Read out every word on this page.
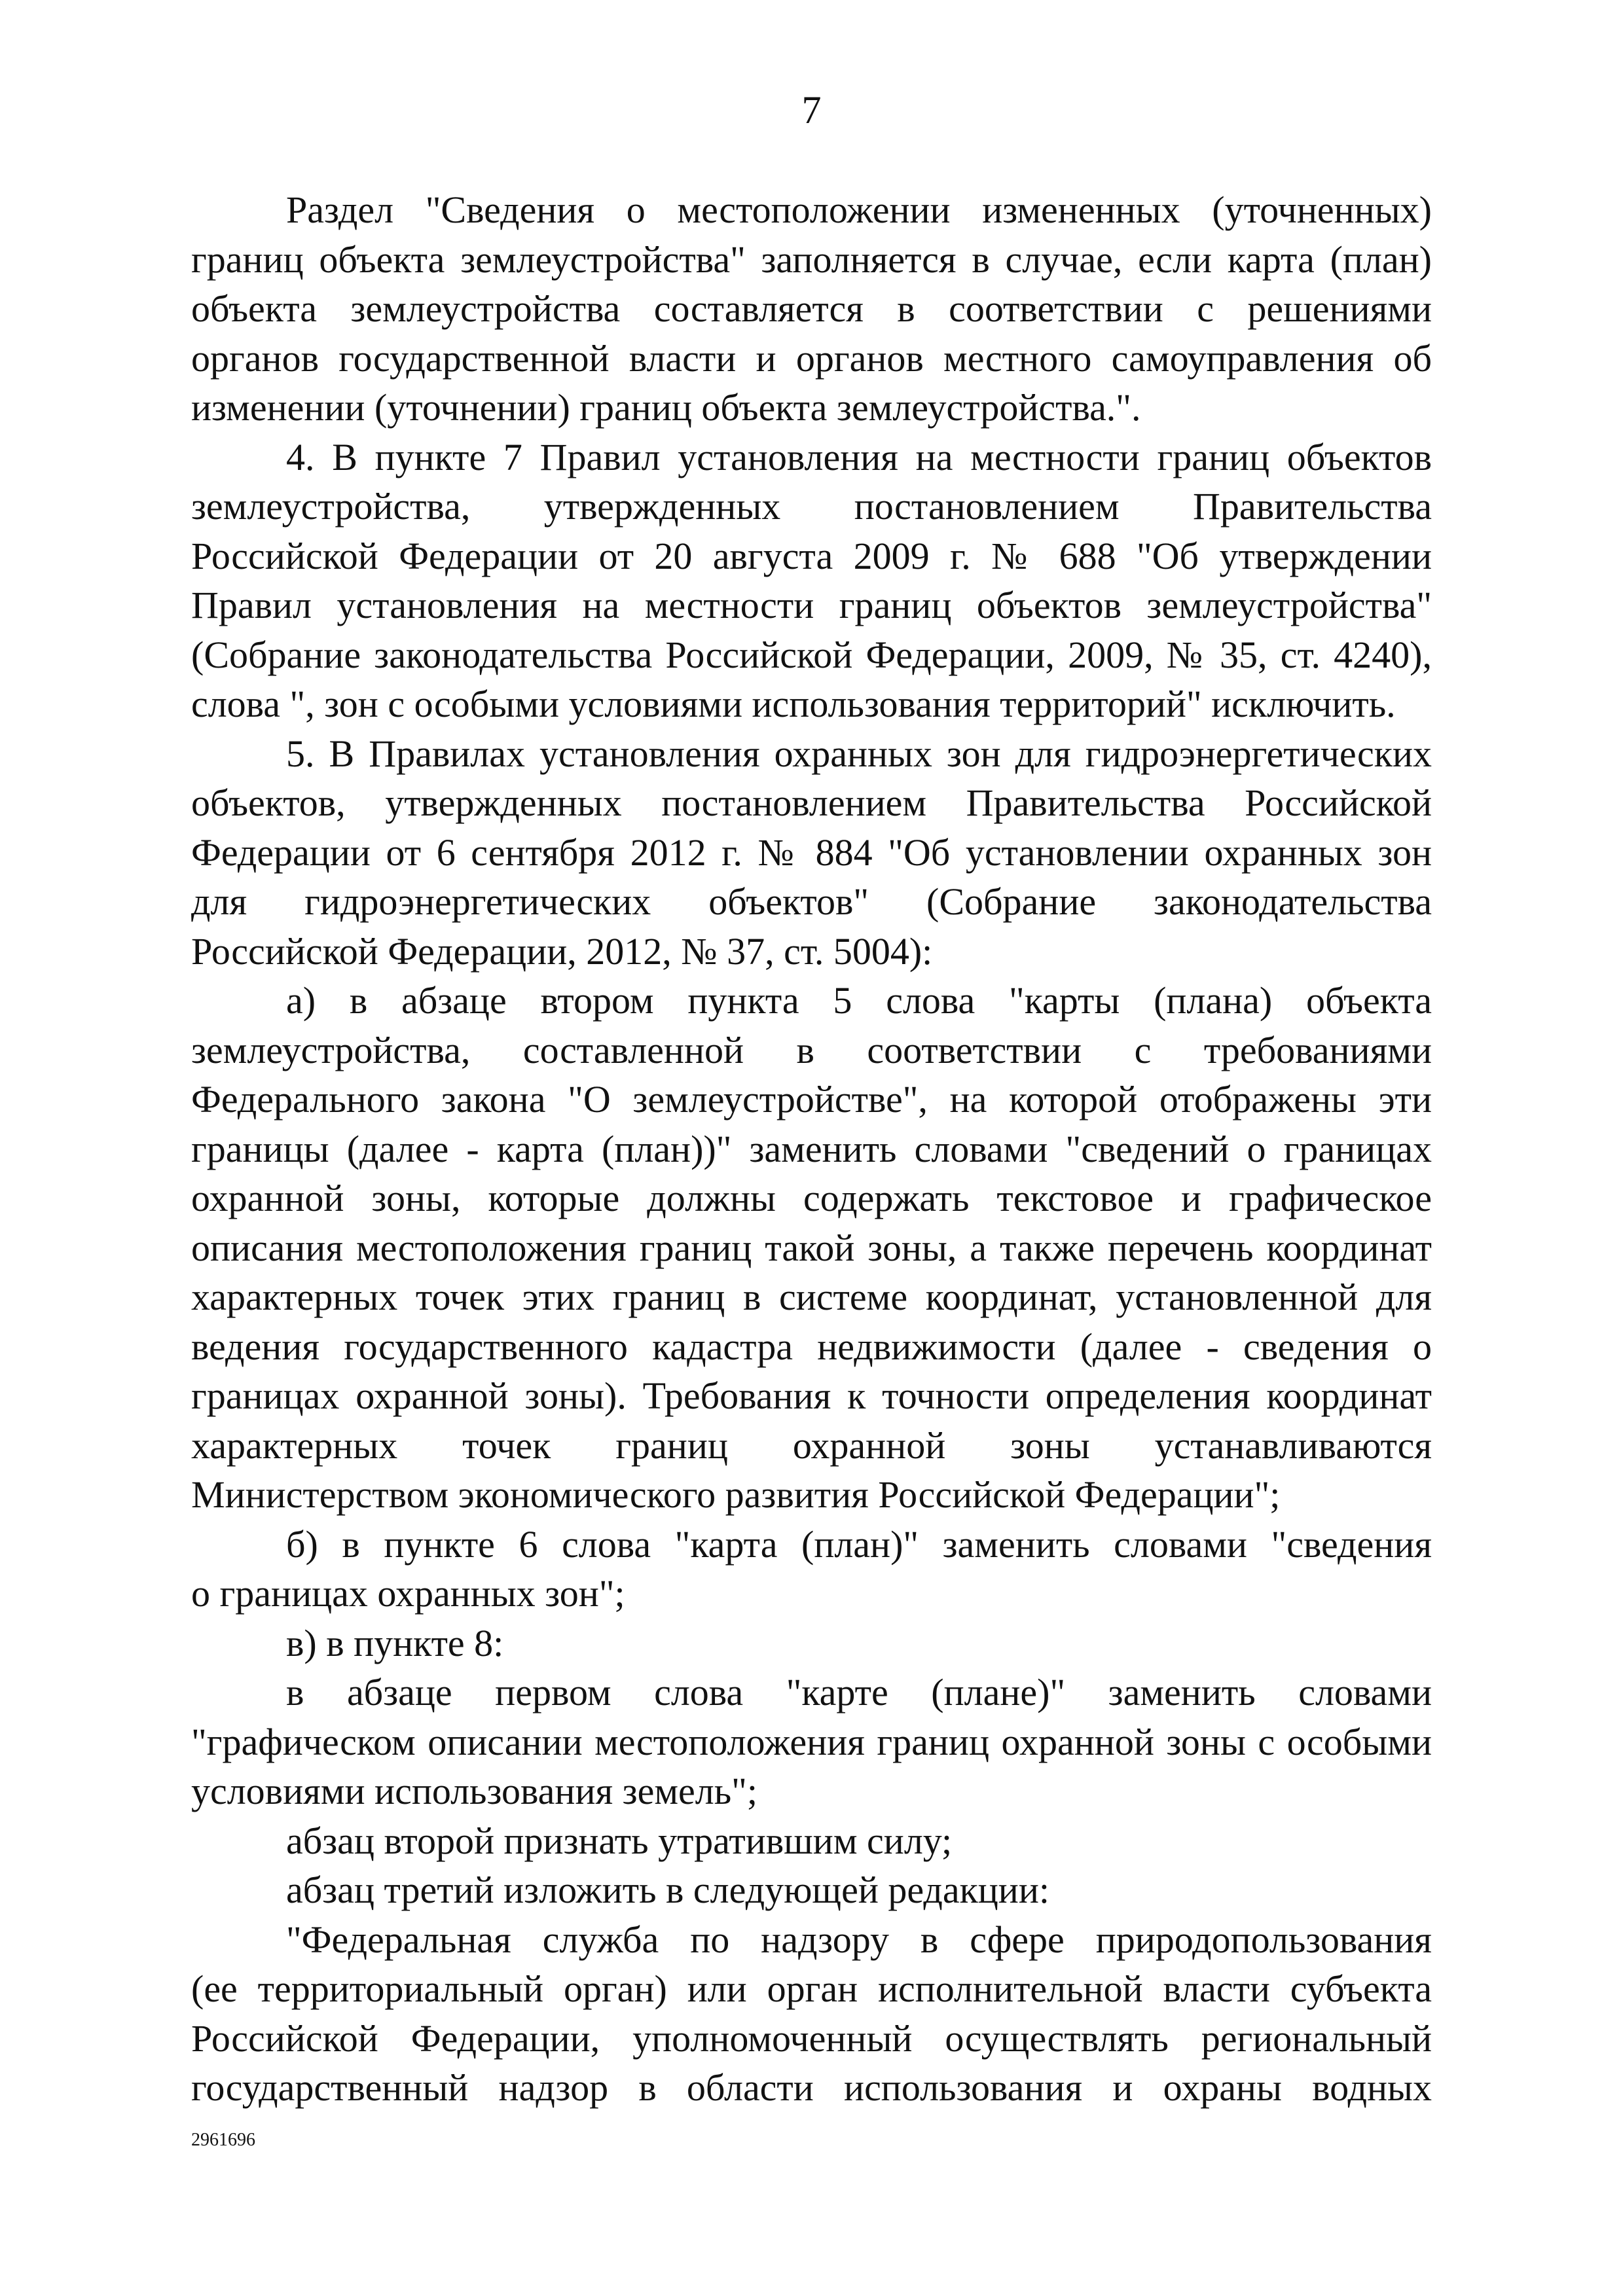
7
Раздел "Сведения о местоположении измененных (уточненных)
границ объекта землеустройства" заполняется в случае, если карта (план)
объекта землеустройства составляется в соответствии с решениями
органов государственной власти и органов местного самоуправления об
изменении (уточнении) границ объекта землеустройства.".
4. В пункте 7 Правил установления на местности границ объектов
землеустройства, утвержденных постановлением Правительства
Российской Федерации от 20 августа 2009 г. № 688 "Об утверждении
Правил установления на местности границ объектов землеустройства"
(Собрание законодательства Российской Федерации, 2009, № 35, ст. 4240),
слова ", зон с особыми условиями использования территорий" исключить.
5. В Правилах установления охранных зон для гидроэнергетических
объектов, утвержденных постановлением Правительства Российской
Федерации от 6 сентября 2012 г. № 884 "Об установлении охранных зон
для гидроэнергетических объектов" (Собрание законодательства
Российской Федерации, 2012, № 37, ст. 5004):
а) в абзаце втором пункта 5 слова "карты (плана) объекта
землеустройства, составленной в соответствии с требованиями
Федерального закона "О землеустройстве", на которой отображены эти
границы (далее - карта (план))" заменить словами "сведений о границах
охранной зоны, которые должны содержать текстовое и графическое
описания местоположения границ такой зоны, а также перечень координат
характерных точек этих границ в системе координат, установленной для
ведения государственного кадастра недвижимости (далее - сведения о
границах охранной зоны). Требования к точности определения координат
характерных точек границ охранной зоны устанавливаются
Министерством экономического развития Российской Федерации";
б) в пункте 6 слова "карта (план)" заменить словами "сведения
о границах охранных зон";
в) в пункте 8:
в абзаце первом слова "карте (плане)" заменить словами
"графическом описании местоположения границ охранной зоны с особыми
условиями использования земель";
абзац второй признать утратившим силу;
абзац третий изложить в следующей редакции:
"Федеральная служба по надзору в сфере природопользования
(ее территориальный орган) или орган исполнительной власти субъекта
Российской Федерации, уполномоченный осуществлять региональный
государственный надзор в области использования и охраны водных
2961696
